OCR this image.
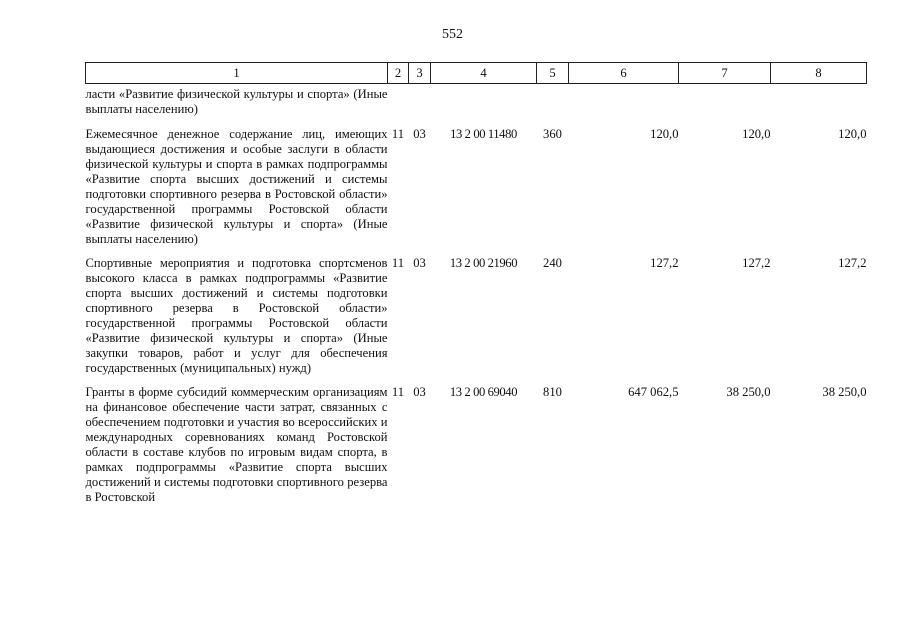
552
1	2	3	4	5	6	7	8
ласти «Развитие физической культуры и спорта» (Иные выплаты населению)							
Ежемесячное денежное содержание лиц, имеющих выдающиеся достижения и особые заслуги в области физической культуры и спорта в рамках подпрограммы «Развитие спорта высших достижений и системы подготовки спортивного резерва в Ростовской области» государственной программы Ростовской области «Развитие физической культуры и спорта» (Иные выплаты населению)	11	03	13 2 00 11480	360	120,0	120,0	120,0
Спортивные мероприятия и подготовка спортсменов высокого класса в рамках подпрограммы «Развитие спорта высших достижений и системы подготовки спортивного резерва в Ростовской области» государственной программы Ростовской области «Развитие физической культуры и спорта» (Иные закупки товаров, работ и услуг для обеспечения государственных (муниципальных) нужд)	11	03	13 2 00 21960	240	127,2	127,2	127,2
Гранты в форме субсидий коммерческим организациям на финансовое обеспечение части затрат, связанных с обеспечением подготовки и участия во всероссийских и международных соревнованиях команд Ростовской области в составе клубов по игровым видам спорта, в рамках подпрограммы «Развитие спорта высших достижений и системы подготовки спортивного резерва в Ростовской	11	03	13 2 00 69040	810	647 062,5	38 250,0	38 250,0
